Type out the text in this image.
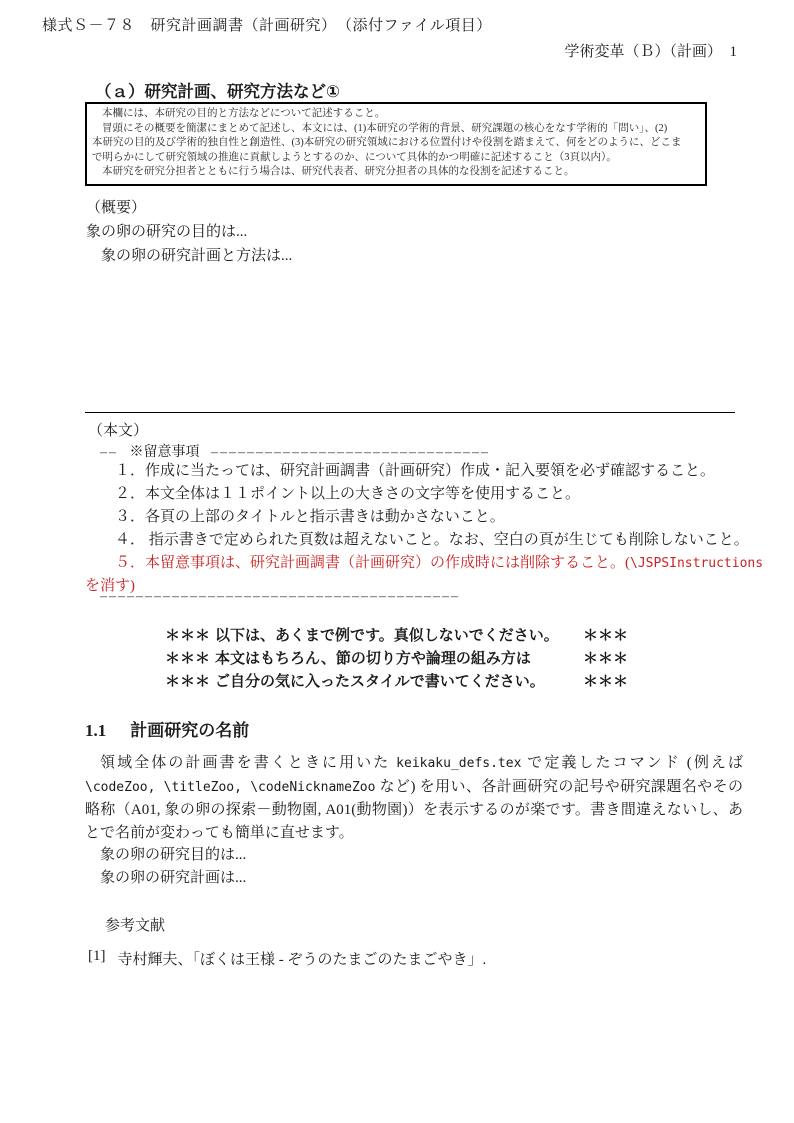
様式Ｓ－７８　研究計画調書（計画研究）　（添付ファイル項目）
学術変革（Ｂ）（計画）　1
（ａ）研究計画、研究方法など①
本欄には、本研究の目的と方法などについて記述すること。
冒頭にその概要を簡潔にまとめて記述し、本文には、(1)本研究の学術的背景、研究課題の核心をなす学術的「問い」、(2)
本研究の目的及び学術的独自性と創造性、(3)本研究の研究領域における位置付けや役割を踏まえて、何をどのように、どこま
で明らかにして研究領域の推進に貢献しようとするのか、について具体的かつ明確に記述すること（3頁以内）。
本研究を研究分担者とともに行う場合は、研究代表者、研究分担者の具体的な役割を記述すること。
（概要）
象の卵の研究の目的は...
象の卵の研究計画と方法は...
（本文）
–– ※留意事項 –––––––––––––––––––––––––––––––
１．作成に当たっては、研究計画調書（計画研究）作成・記入要領を必ず確認すること。
２．本文全体は１１ポイント以上の大きさの文字等を使用すること。
３．各頁の上部のタイトルと指示書きは動かさないこと。
４． 指示書きで定められた頁数は超えないこと。なお、空白の頁が生じても削除しないこと。
５．本留意事項は、研究計画調書（計画研究）の作成時には削除すること。(\JSPSInstructions
を消す)
––––––––––––––––––––––––––––––––––––––––
＊＊＊ 以下は、あくまで例です。真似しないでください。	＊＊＊
＊＊＊ 本文はもちろん、節の切り方や論理の組み方は	＊＊＊
＊＊＊ ご自分の気に入ったスタイルで書いてください。	＊＊＊
1.1 計画研究の名前
領域全体の計画書を書くときに用いた keikaku_defs.tex で定義したコマンド (例えば \codeZoo, \titleZoo, \codeNicknameZoo など) を用い、各計画研究の記号や研究課題名やその略称（A01, 象の卵の探索－動物園, A01(動物園)）を表示するのが楽です。書き間違えないし、あとで名前が変わっても簡単に直せます。
象の卵の研究目的は...
象の卵の研究計画は...
参考文献
[1] 寺村輝夫、「ぼくは王様 - ぞうのたまごのたまごやき」.
